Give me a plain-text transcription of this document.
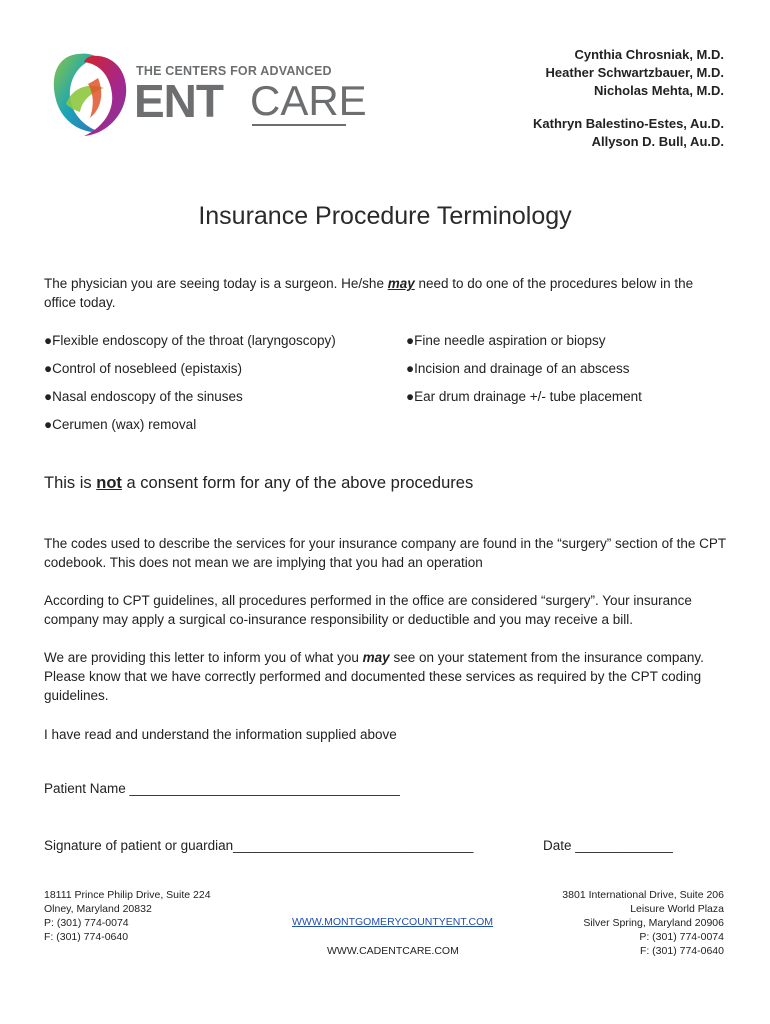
THE CENTERS FOR ADVANCED
ENT CARE
Cynthia Chrosniak, M.D.
Heather Schwartzbauer, M.D.
Nicholas Mehta, M.D.
Kathryn Balestino-Estes, Au.D.
Allyson D. Bull, Au.D.
Insurance Procedure Terminology
The physician you are seeing today is a surgeon. He/she may need to do one of the procedures below in the office today.
●Flexible endoscopy of the throat (laryngoscopy)
●Control of nosebleed (epistaxis)
●Nasal endoscopy of the sinuses
●Cerumen (wax) removal
●Fine needle aspiration or biopsy
●Incision and drainage of an abscess
●Ear drum drainage +/- tube placement
This is not a consent form for any of the above procedures
The codes used to describe the services for your insurance company are found in the “surgery” section of the CPT codebook. This does not mean we are implying that you had an operation
According to CPT guidelines, all procedures performed in the office are considered “surgery”. Your insurance company may apply a surgical co-insurance responsibility or deductible and you may receive a bill.
We are providing this letter to inform you of what you may see on your statement from the insurance company. Please know that we have correctly performed and documented these services as required by the CPT coding guidelines.
I have read and understand the information supplied above
Patient Name ____________________________________
Signature of patient or guardian________________________________	Date _____________
18111 Prince Philip Drive, Suite 224
Olney, Maryland 20832
P: (301) 774-0074
F: (301) 774-0640
3801 International Drive, Suite 206
Leisure World Plaza
Silver Spring, Maryland 20906
P: (301) 774-0074
F: (301) 774-0640
WWW.MONTGOMERYCOUNTYENT.COM
WWW.CADENTCARE.COM
